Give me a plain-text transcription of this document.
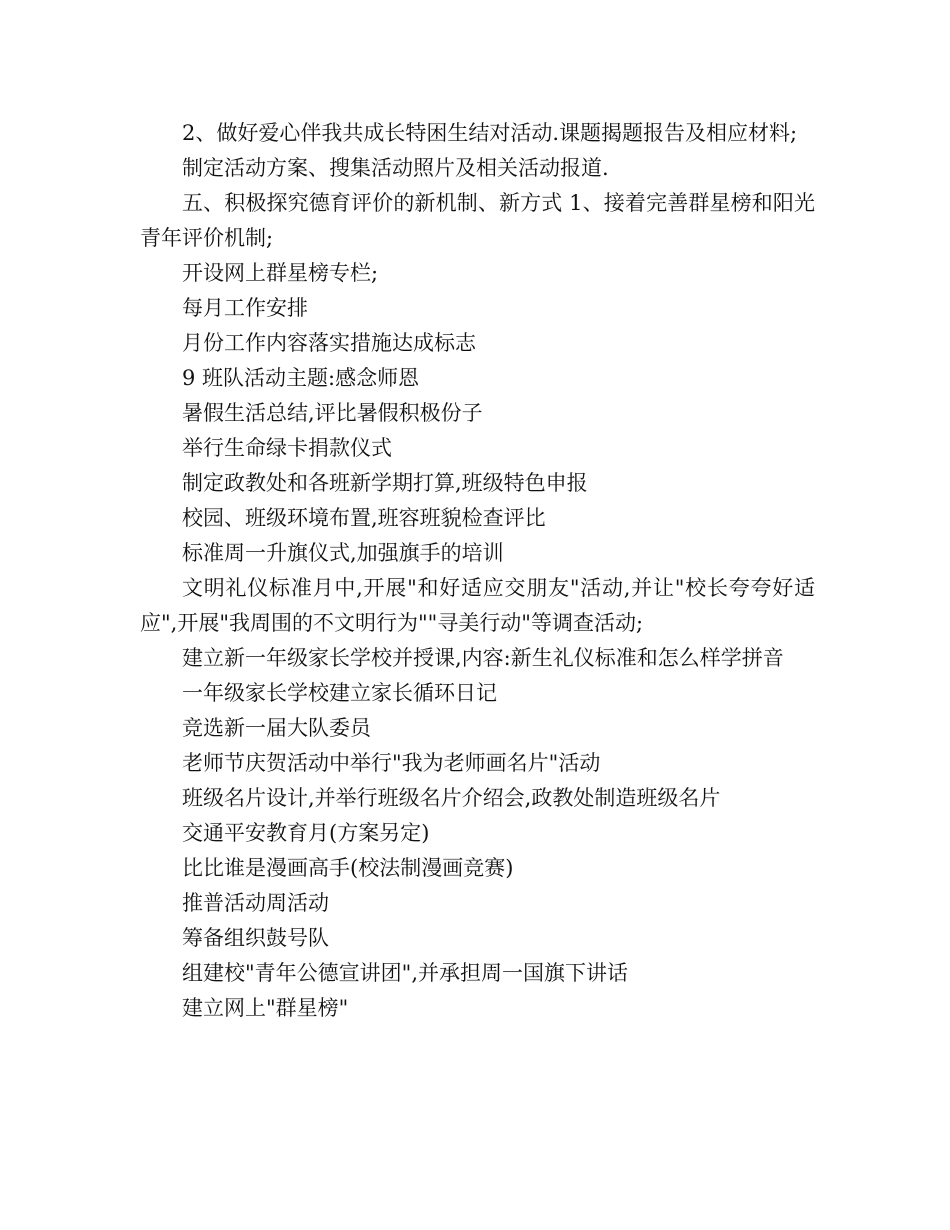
2、做好爱心伴我共成长特困生结对活动.课题揭题报告及相应材料;

制定活动方案、搜集活动照片及相关活动报道.

五、积极探究德育评价的新机制、新方式 1、接着完善群星榜和阳光青年评价机制;

开设网上群星榜专栏;

每月工作安排

月份工作内容落实措施达成标志

9 班队活动主题:感念师恩

暑假生活总结,评比暑假积极份子

举行生命绿卡捐款仪式

制定政教处和各班新学期打算,班级特色申报

校园、班级环境布置,班容班貌检查评比

标准周一升旗仪式,加强旗手的培训

文明礼仪标准月中,开展"和好适应交朋友"活动,并让"校长夸夸好适应",开展"我周围的不文明行为""寻美行动"等调查活动;

建立新一年级家长学校并授课,内容:新生礼仪标准和怎么样学拼音

一年级家长学校建立家长循环日记

竞选新一届大队委员

老师节庆贺活动中举行"我为老师画名片"活动

班级名片设计,并举行班级名片介绍会,政教处制造班级名片

交通平安教育月(方案另定)

比比谁是漫画高手(校法制漫画竞赛)

推普活动周活动

筹备组织鼓号队

组建校"青年公德宣讲团",并承担周一国旗下讲话

建立网上"群星榜"
